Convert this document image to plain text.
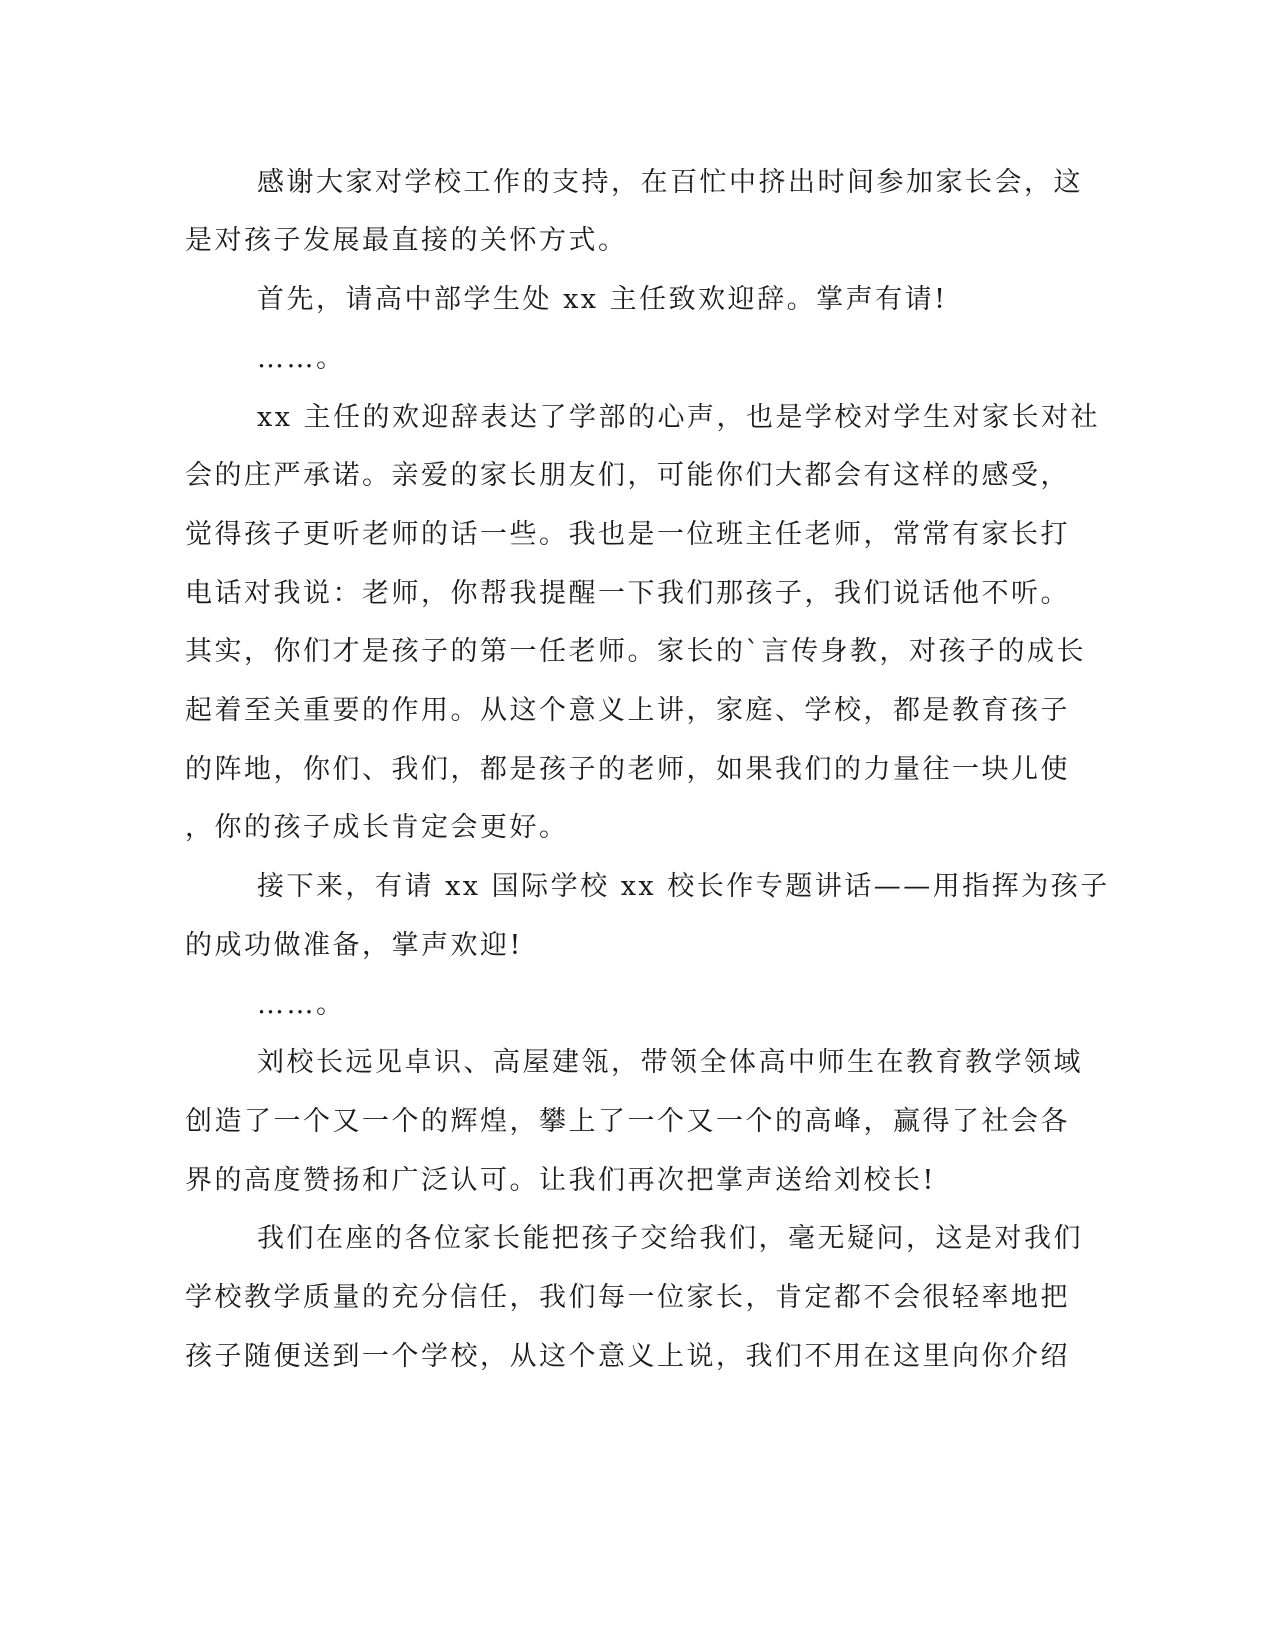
感谢大家对学校工作的支持，在百忙中挤出时间参加家长会，这

是对孩子发展最直接的关怀方式。

首先，请高中部学生处 xx 主任致欢迎辞。掌声有请!

……。

xx 主任的欢迎辞表达了学部的心声，也是学校对学生对家长对社

会的庄严承诺。亲爱的家长朋友们，可能你们大都会有这样的感受，

觉得孩子更听老师的话一些。我也是一位班主任老师，常常有家长打

电话对我说：老师，你帮我提醒一下我们那孩子，我们说话他不听。

其实，你们才是孩子的第一任老师。家长的`言传身教，对孩子的成长

起着至关重要的作用。从这个意义上讲，家庭、学校，都是教育孩子

的阵地，你们、我们，都是孩子的老师，如果我们的力量往一块儿使

，你的孩子成长肯定会更好。

接下来，有请 xx 国际学校 xx 校长作专题讲话——用指挥为孩子

的成功做准备，掌声欢迎!

……。

刘校长远见卓识、高屋建瓴，带领全体高中师生在教育教学领域

创造了一个又一个的辉煌，攀上了一个又一个的高峰，赢得了社会各

界的高度赞扬和广泛认可。让我们再次把掌声送给刘校长!

我们在座的各位家长能把孩子交给我们，毫无疑问，这是对我们

学校教学质量的充分信任，我们每一位家长，肯定都不会很轻率地把

孩子随便送到一个学校，从这个意义上说，我们不用在这里向你介绍
